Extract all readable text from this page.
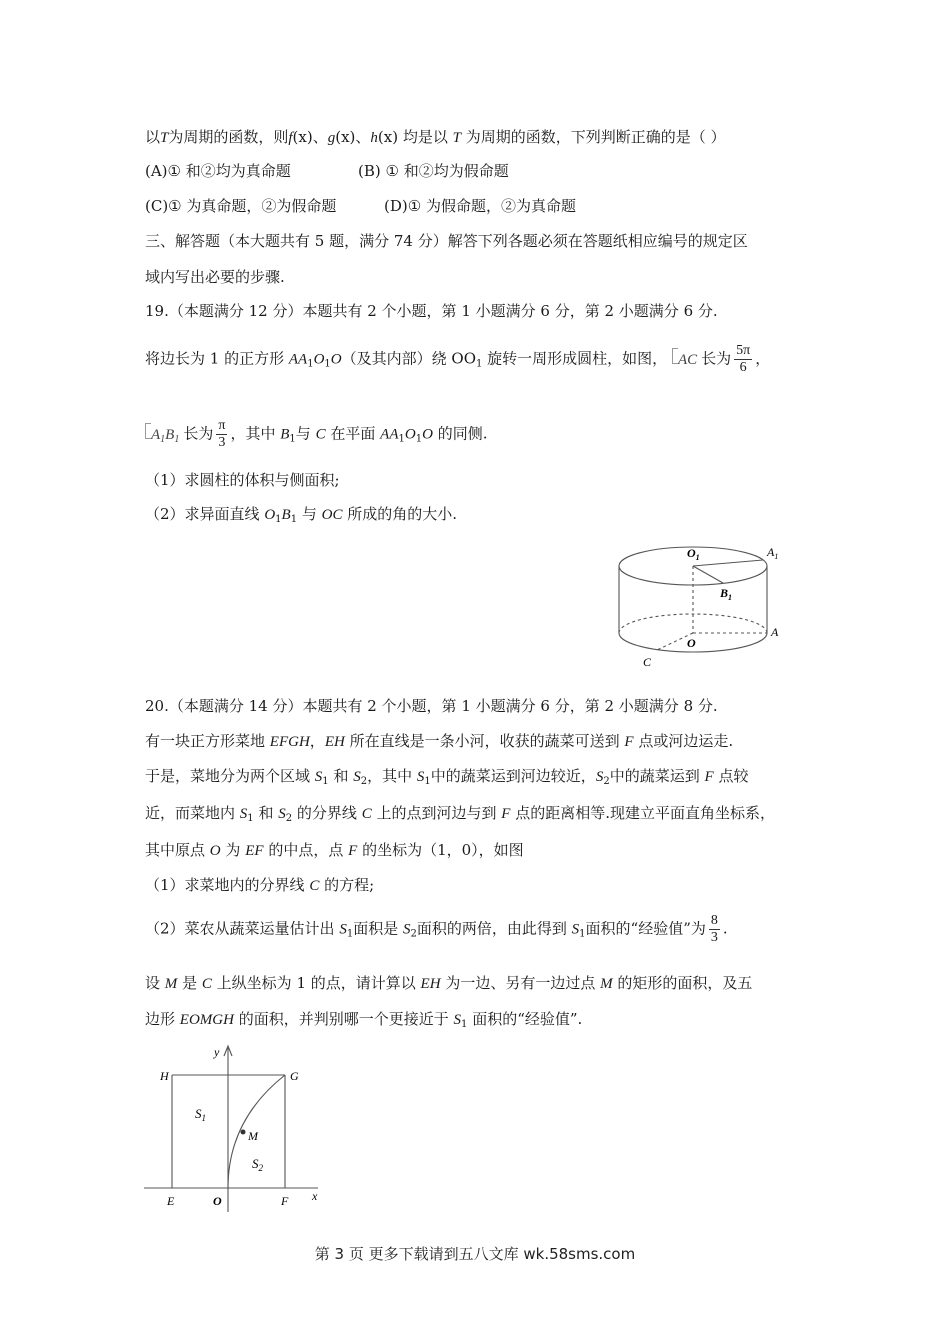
以T为周期的函数，则f(x)、g(x)、h(x) 均是以 T 为周期的函数，下列判断正确的是（ ）
(A)① 和②均为真命题	(B) ① 和②均为假命题
(C)① 为真命题，②为假命题	(D)① 为假命题，②为真命题
三、解答题（本大题共有 5 题，满分 74 分）解答下列各题必须在答题纸相应编号的规定区
域内写出必要的步骤.
19.（本题满分 12 分）本题共有 2 个小题，第 1 小题满分 6 分，第 2 小题满分 6 分.
将边长为 1 的正方形 $AA_1O_1O$（及其内部）绕 $OO_1$ 旋转一周形成圆柱，如图， AC 长为 $\frac{5\pi}{6}$ ，
$A_1B_1$ 长为 $\frac{\pi}{3}$ ，其中 $B_1$与 C 在平面 $AA_1O_1O$ 的同侧.
（1）求圆柱的体积与侧面积;
（2）求异面直线 $O_1B_1$ 与 OC 所成的角的大小.
$O_1$	$A_1$
$B_1$
O
A
C
20.（本题满分 14 分）本题共有 2 个小题，第 1 小题满分 6 分，第 2 小题满分 8 分.
有一块正方形菜地 EFGH，EH 所在直线是一条小河，收获的蔬菜可送到 F 点或河边运走.
于是，菜地分为两个区域 $S_1$ 和 $S_2$，其中 $S_1$中的蔬菜运到河边较近，$S_2$中的蔬菜运到 F 点较
近，而菜地内 $S_1$ 和 $S_2$ 的分界线 C 上的点到河边与到 F 点的距离相等.现建立平面直角坐标系，
其中原点 O 为 EF 的中点，点 F 的坐标为（1，0），如图
（1）求菜地内的分界线 C 的方程;
（2）菜农从蔬菜运量估计出 $S_1$面积是 $S_2$面积的两倍，由此得到 $S_1$面积的“经验值”为 $\frac{8}{3}$ .
设 M 是 C 上纵坐标为 1 的点，请计算以 EH 为一边、另有一边过点 M 的矩形的面积，及五
边形 EOMGH 的面积，并判别哪一个更接近于 $S_1$ 面积的“经验值”.
y
H	G
$S_1$
M
$S_2$
E	O	F x
第 3 页 更多下载请到五八文库 wk.58sms.com
